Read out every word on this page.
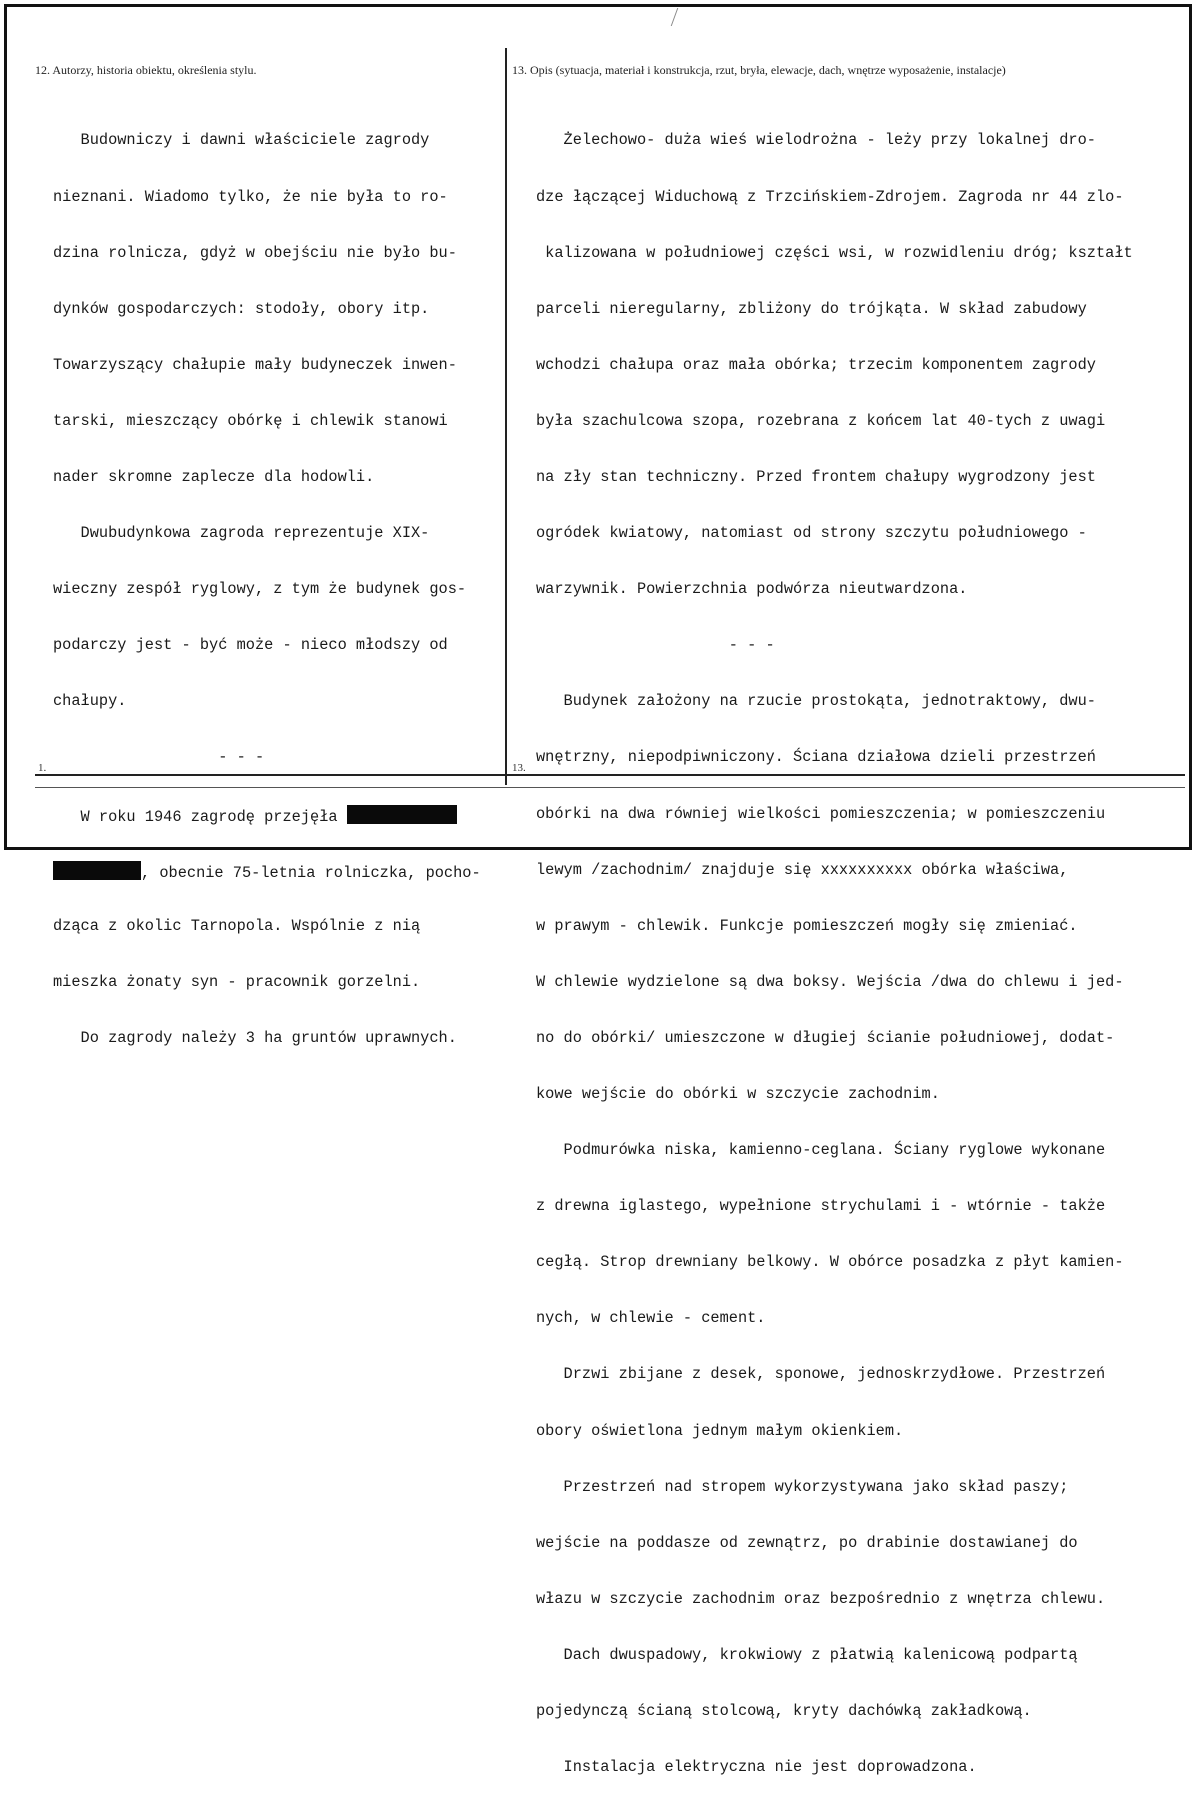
12. Autorzy, historia obiektu, określenia stylu.	13. Opis (sytuacja, materiał i konstrukcja, rzut, bryła, elewacje, dach, wnętrze wyposażenie, instalacje)
1.	13.

Budowniczy i dawni właściciele zagrody

nieznani. Wiadomo tylko, że nie była to ro-

dzina rolnicza, gdyż w obejściu nie było bu-

dynków gospodarczych: stodoły, obory itp.

Towarzyszący chałupie mały budyneczek inwen-

tarski, mieszczący obórkę i chlewik stanowi

nader skromne zaplecze dla hodowli.

Dwubudynkowa zagroda reprezentuje XIX-

wieczny zespół ryglowy, z tym że budynek gos-

podarczy jest - być może - nieco młodszy od

chałupy.

- - -

W roku 1946 zagrodę przejęła

, obecnie 75-letnia rolniczka, pocho-

dząca z okolic Tarnopola. Wspólnie z nią

mieszka żonaty syn - pracownik gorzelni.

Do zagrody należy 3 ha gruntów uprawnych.

Żelechowo- duża wieś wielodrożna - leży przy lokalnej dro-

dze łączącej Widuchową z Trzcińskiem-Zdrojem. Zagroda nr 44 zlo-

kalizowana w południowej części wsi, w rozwidleniu dróg; kształt

parceli nieregularny, zbliżony do trójkąta. W skład zabudowy

wchodzi chałupa oraz mała obórka; trzecim komponentem zagrody

była szachulcowa szopa, rozebrana z końcem lat 40-tych z uwagi

na zły stan techniczny. Przed frontem chałupy wygrodzony jest

ogródek kwiatowy, natomiast od strony szczytu południowego -

warzywnik. Powierzchnia podwórza nieutwardzona.

- - -

Budynek założony na rzucie prostokąta, jednotraktowy, dwu-

wnętrzny, niepodpiwniczony. Ściana działowa dzieli przestrzeń

obórki na dwa równiej wielkości pomieszczenia; w pomieszczeniu

lewym /zachodnim/ znajduje się xxxxxxxxxx obórka właściwa,

w prawym - chlewik. Funkcje pomieszczeń mogły się zmieniać.

W chlewie wydzielone są dwa boksy. Wejścia /dwa do chlewu i jed-

no do obórki/ umieszczone w długiej ścianie południowej, dodat-

kowe wejście do obórki w szczycie zachodnim.

Podmurówka niska, kamienno-ceglana. Ściany ryglowe wykonane

z drewna iglastego, wypełnione strychulami i - wtórnie - także

cegłą. Strop drewniany belkowy. W obórce posadzka z płyt kamien-

nych, w chlewie - cement.

Drzwi zbijane z desek, sponowe, jednoskrzydłowe. Przestrzeń

obory oświetlona jednym małym okienkiem.

Przestrzeń nad stropem wykorzystywana jako skład paszy;

wejście na poddasze od zewnątrz, po drabinie dostawianej do

włazu w szczycie zachodnim oraz bezpośrednio z wnętrza chlewu.

Dach dwuspadowy, krokwiowy z płatwią kalenicową podpartą

pojedynczą ścianą stolcową, kryty dachówką zakładkową.

Instalacja elektryczna nie jest doprowadzona.
